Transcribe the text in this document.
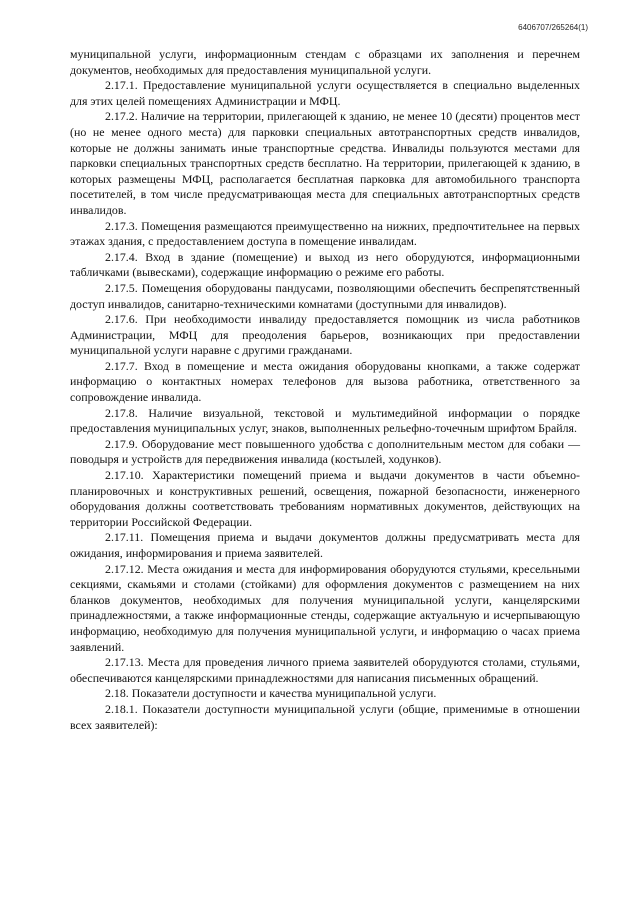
6406707/265264(1)

муниципальной услуги, информационным стендам с образцами их заполнения и перечнем документов, необходимых для предоставления муниципальной услуги.

2.17.1. Предоставление муниципальной услуги осуществляется в специально выделенных для этих целей помещениях Администрации и МФЦ.

2.17.2. Наличие на территории, прилегающей к зданию, не менее 10 (десяти) процентов мест (но не менее одного места) для парковки специальных автотранспортных средств инвалидов, которые не должны занимать иные транспортные средства. Инвалиды пользуются местами для парковки специальных транспортных средств бесплатно. На территории, прилегающей к зданию, в которых размещены МФЦ, располагается бесплатная парковка для автомобильного транспорта посетителей, в том числе предусматривающая места для специальных автотранспортных средств инвалидов.

2.17.3. Помещения размещаются преимущественно на нижних, предпочтительнее на первых этажах здания, с предоставлением доступа в помещение инвалидам.

2.17.4. Вход в здание (помещение) и выход из него оборудуются, информационными табличками (вывесками), содержащие информацию о режиме его работы.

2.17.5. Помещения оборудованы пандусами, позволяющими обеспечить беспрепятственный доступ инвалидов, санитарно-техническими комнатами (доступными для инвалидов).

2.17.6. При необходимости инвалиду предоставляется помощник из числа работников Администрации, МФЦ для преодоления барьеров, возникающих при предоставлении муниципальной услуги наравне с другими гражданами.

2.17.7. Вход в помещение и места ожидания оборудованы кнопками, а также содержат информацию о контактных номерах телефонов для вызова работника, ответственного за сопровождение инвалида.

2.17.8. Наличие визуальной, текстовой и мультимедийной информации о порядке предоставления муниципальных услуг, знаков, выполненных рельефно-точечным шрифтом Брайля.

2.17.9. Оборудование мест повышенного удобства с дополнительным местом для собаки — поводыря и устройств для передвижения инвалида (костылей, ходунков).

2.17.10. Характеристики помещений приема и выдачи документов в части объемно-планировочных и конструктивных решений, освещения, пожарной безопасности, инженерного оборудования должны соответствовать требованиям нормативных документов, действующих на территории Российской Федерации.

2.17.11. Помещения приема и выдачи документов должны предусматривать места для ожидания, информирования и приема заявителей.

2.17.12. Места ожидания и места для информирования оборудуются стульями, кресельными секциями, скамьями и столами (стойками) для оформления документов с размещением на них бланков документов, необходимых для получения муниципальной услуги, канцелярскими принадлежностями, а также информационные стенды, содержащие актуальную и исчерпывающую информацию, необходимую для получения муниципальной услуги, и информацию о часах приема заявлений.

2.17.13. Места для проведения личного приема заявителей оборудуются столами, стульями, обеспечиваются канцелярскими принадлежностями для написания письменных обращений.

2.18. Показатели доступности и качества муниципальной услуги.

2.18.1. Показатели доступности муниципальной услуги (общие, применимые в отношении всех заявителей):
